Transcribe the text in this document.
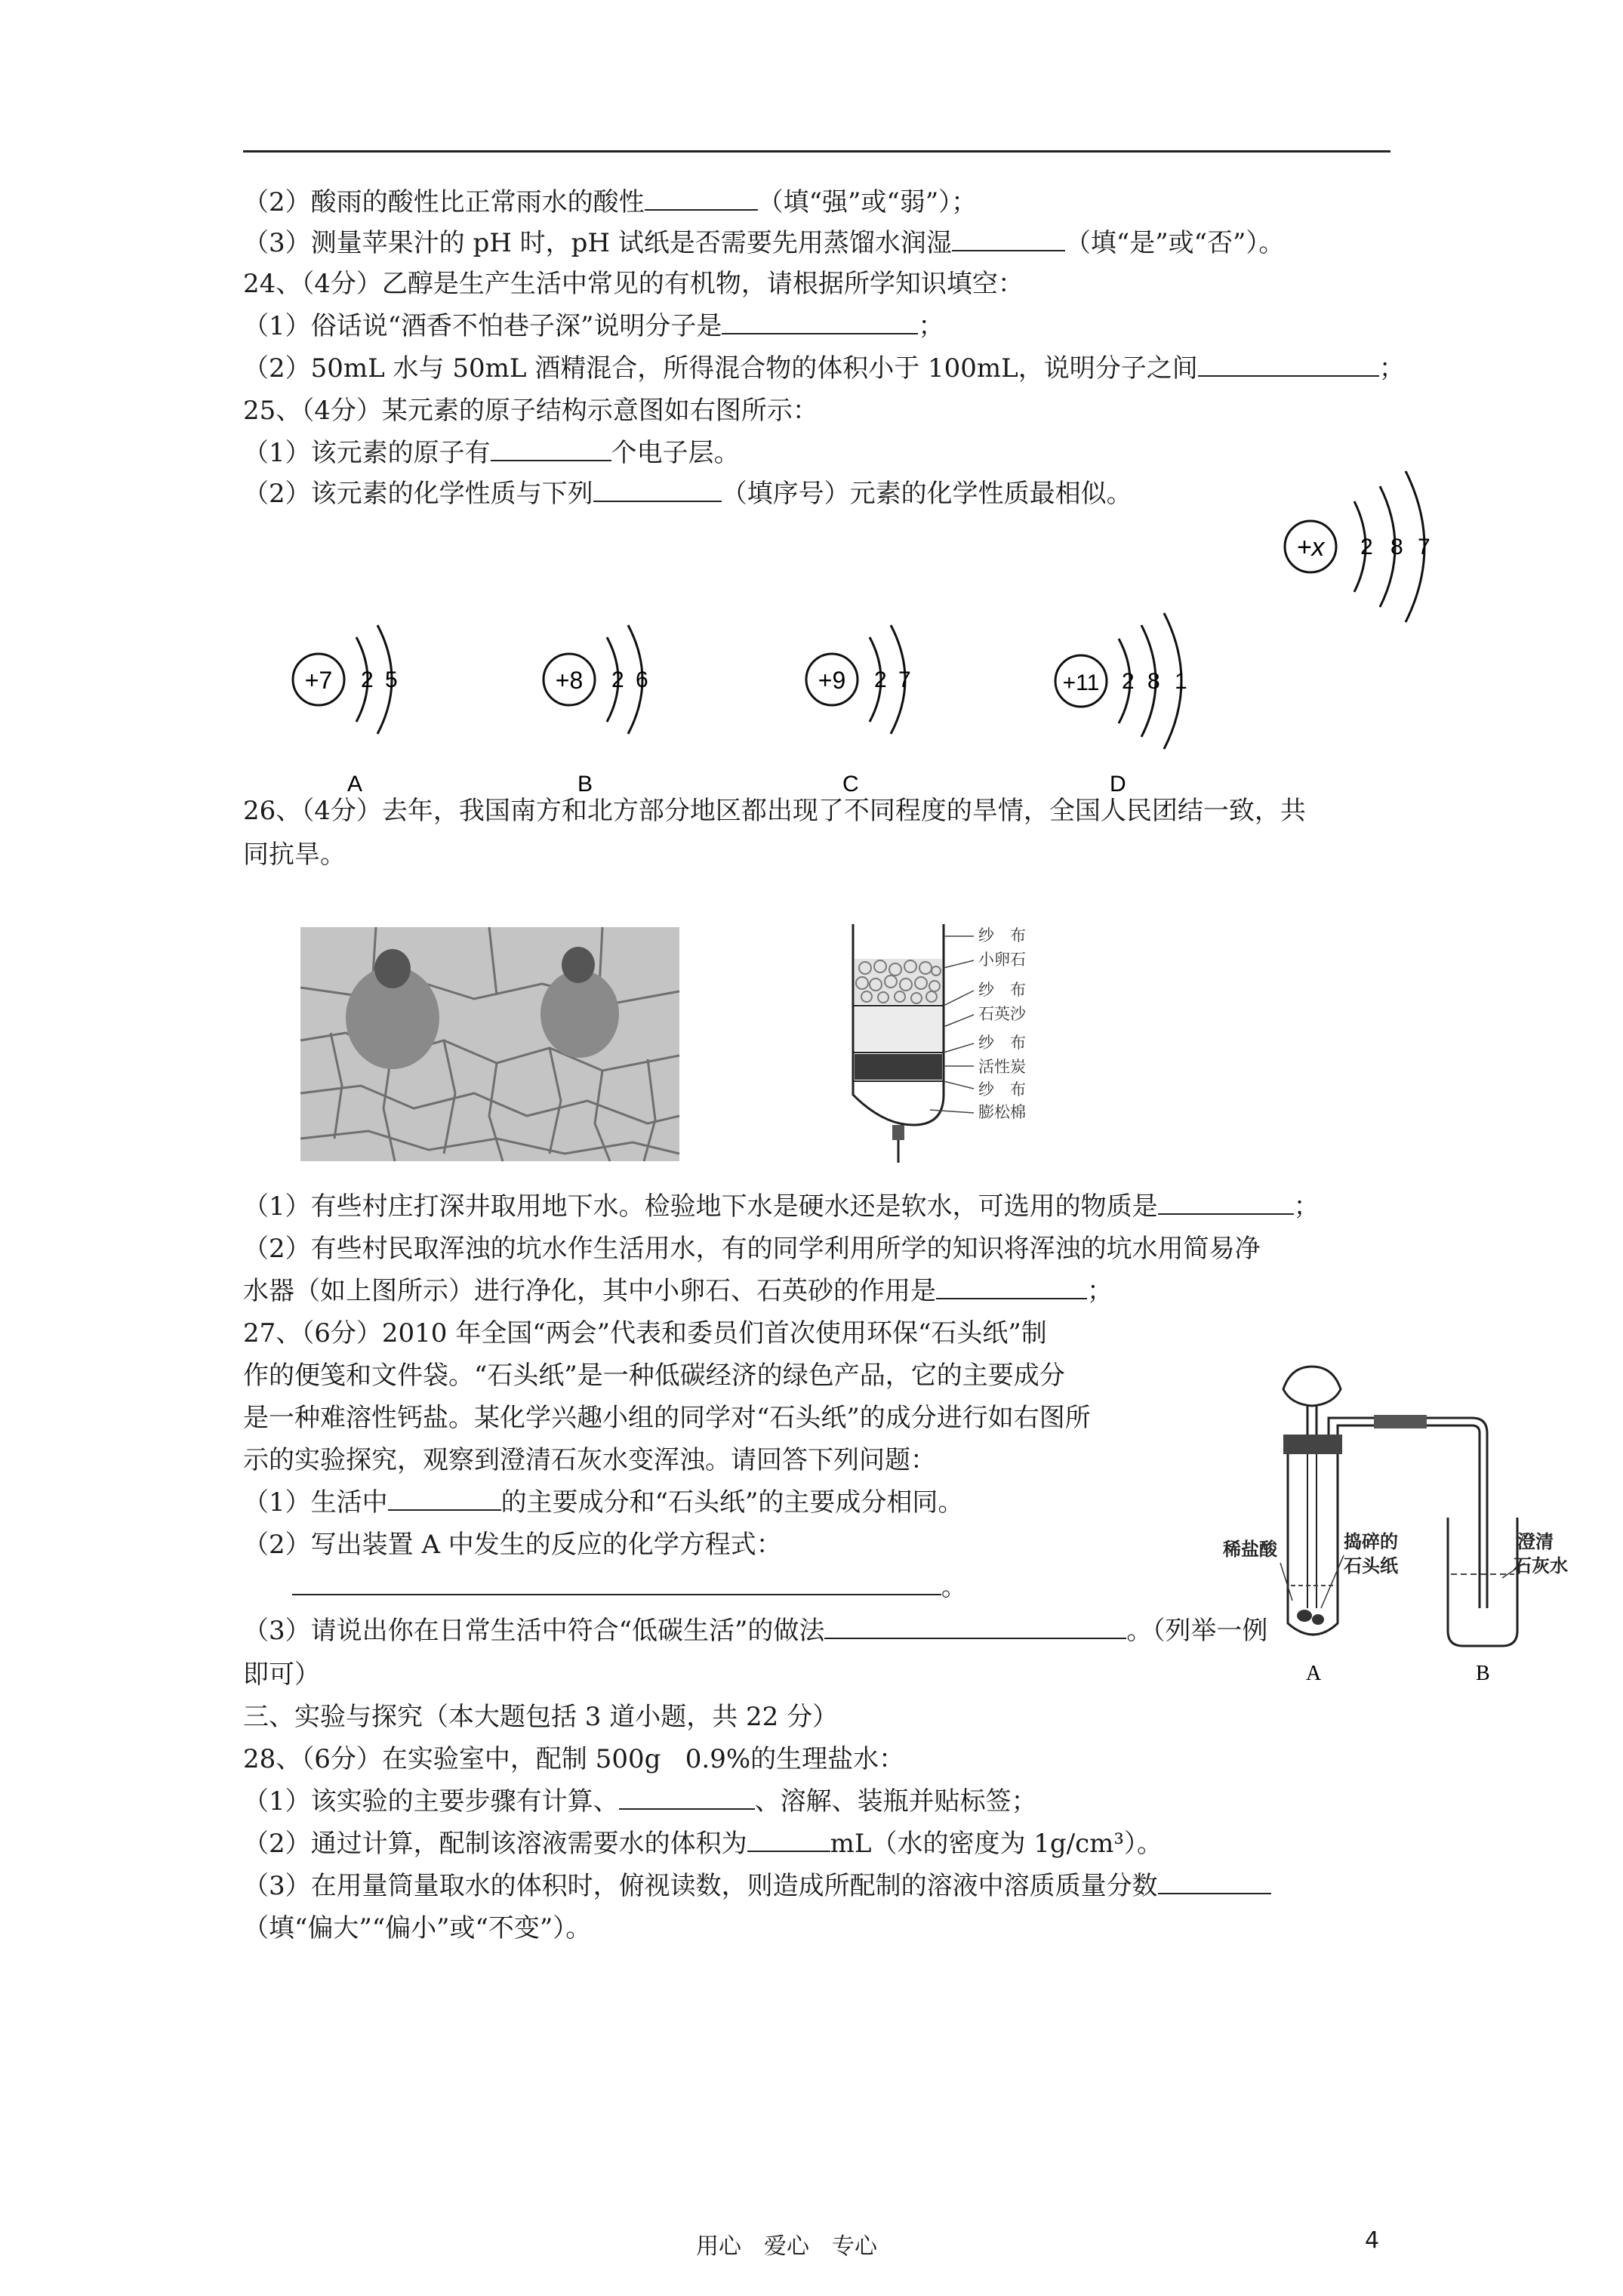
（2）酸雨的酸性比正常雨水的酸性	（填“强”或“弱”）；
（3）测量苹果汁的 pH 时，pH 试纸是否需要先用蒸馏水润湿	（填“是”或“否”）。
24、（4分）乙醇是生产生活中常见的有机物，请根据所学知识填空：
（1）俗话说“酒香不怕巷子深”说明分子是	；
（2）50mL 水与 50mL 酒精混合，所得混合物的体积小于 100mL，说明分子之间	；
25、（4分）某元素的原子结构示意图如右图所示：
（1）该元素的原子有	个电子层。
（2）该元素的化学性质与下列	（填序号）元素的化学性质最相似。
26、（4分）去年，我国南方和北方部分地区都出现了不同程度的旱情，全国人民团结一致，共
同抗旱。
（1）有些村庄打深井取用地下水。检验地下水是硬水还是软水，可选用的物质是	；
（2）有些村民取浑浊的坑水作生活用水，有的同学利用所学的知识将浑浊的坑水用简易净
水器（如上图所示）进行净化，其中小卵石、石英砂的作用是	；
27、（6分）2010 年全国“两会”代表和委员们首次使用环保“石头纸”制
作的便笺和文件袋。“石头纸”是一种低碳经济的绿色产品，它的主要成分
是一种难溶性钙盐。某化学兴趣小组的同学对“石头纸”的成分进行如右图所
示的实验探究，观察到澄清石灰水变浑浊。请回答下列问题：
（1）生活中	的主要成分和“石头纸”的主要成分相同。
（2）写出装置 A 中发生的反应的化学方程式：
。
（3）请说出你在日常生活中符合“低碳生活”的做法	。（列举一例
即可）
三、实验与探究（本大题包括 3 道小题，共 22 分）
28、（6分）在实验室中，配制 500g   0.9%的生理盐水：
（1）该实验的主要步骤有计算、	、溶解、装瓶并贴标签；
（2）通过计算，配制该溶液需要水的体积为	mL（水的密度为 1g/cm³）。
（3）在用量筒量取水的体积时，俯视读数，则造成所配制的溶液中溶质质量分数
（填“偏大”“偏小”或“不变”）。
+x 2 8 7
+7 2 5
A
+8 2 6
B
+9 2 7
C
+11 2 8 1
D
纱　布
小卵石
纱　布
石英沙
纱　布
活性炭
纱　布
膨松棉
稀盐酸	捣碎的
石头纸
澄清
石灰水
A	B
用心　爱心　专心	4
